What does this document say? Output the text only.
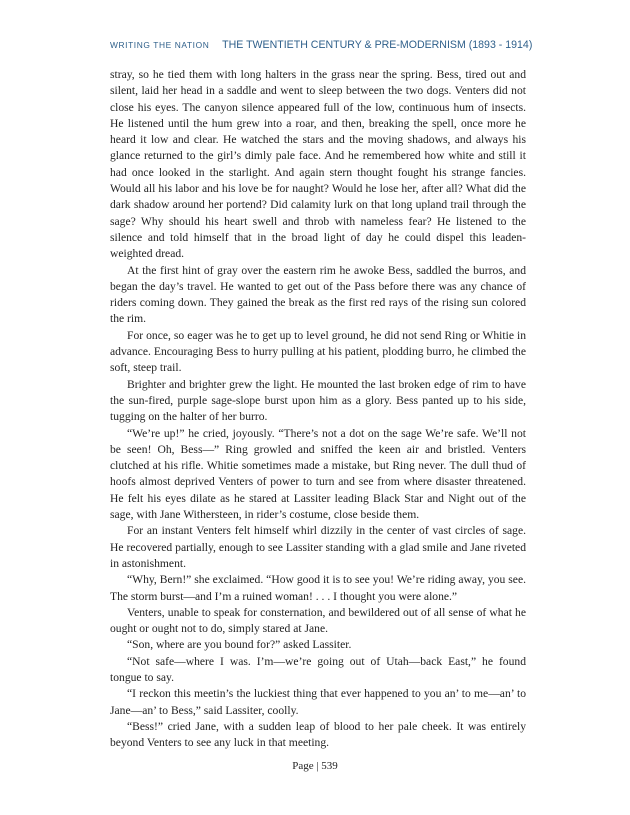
WRITING THE NATION THE TWENTIETH CENTURY & PRE-MODERNISM (1893 - 1914)

stray, so he tied them with long halters in the grass near the spring. Bess, tired out and silent, laid her head in a saddle and went to sleep between the two dogs. Venters did not close his eyes. The canyon silence appeared full of the low, continuous hum of insects. He listened until the hum grew into a roar, and then, breaking the spell, once more he heard it low and clear. He watched the stars and the moving shadows, and always his glance returned to the girl’s dimly pale face. And he remembered how white and still it had once looked in the starlight. And again stern thought fought his strange fancies. Would all his labor and his love be for naught? Would he lose her, after all? What did the dark shadow around her portend? Did calamity lurk on that long upland trail through the sage? Why should his heart swell and throb with nameless fear? He listened to the silence and told himself that in the broad light of day he could dispel this leaden-weighted dread.

At the first hint of gray over the eastern rim he awoke Bess, saddled the burros, and began the day’s travel. He wanted to get out of the Pass before there was any chance of riders coming down. They gained the break as the first red rays of the rising sun colored the rim.

For once, so eager was he to get up to level ground, he did not send Ring or Whitie in advance. Encouraging Bess to hurry pulling at his patient, plodding burro, he climbed the soft, steep trail.

Brighter and brighter grew the light. He mounted the last broken edge of rim to have the sun-fired, purple sage-slope burst upon him as a glory. Bess panted up to his side, tugging on the halter of her burro.

“We’re up!” he cried, joyously. “There’s not a dot on the sage We’re safe. We’ll not be seen! Oh, Bess—” Ring growled and sniffed the keen air and bristled. Venters clutched at his rifle. Whitie sometimes made a mistake, but Ring never. The dull thud of hoofs almost deprived Venters of power to turn and see from where disaster threatened. He felt his eyes dilate as he stared at Lassiter leading Black Star and Night out of the sage, with Jane Withersteen, in rider’s costume, close beside them.

For an instant Venters felt himself whirl dizzily in the center of vast circles of sage. He recovered partially, enough to see Lassiter standing with a glad smile and Jane riveted in astonishment.

“Why, Bern!” she exclaimed. “How good it is to see you! We’re riding away, you see. The storm burst—and I’m a ruined woman! . . . I thought you were alone.”

Venters, unable to speak for consternation, and bewildered out of all sense of what he ought or ought not to do, simply stared at Jane.

“Son, where are you bound for?” asked Lassiter.

“Not safe—where I was. I’m—we’re going out of Utah—back East,” he found tongue to say.

“I reckon this meetin’s the luckiest thing that ever happened to you an’ to me—an’ to Jane—an’ to Bess,” said Lassiter, coolly.

“Bess!” cried Jane, with a sudden leap of blood to her pale cheek. It was entirely beyond Venters to see any luck in that meeting.

Page | 539
